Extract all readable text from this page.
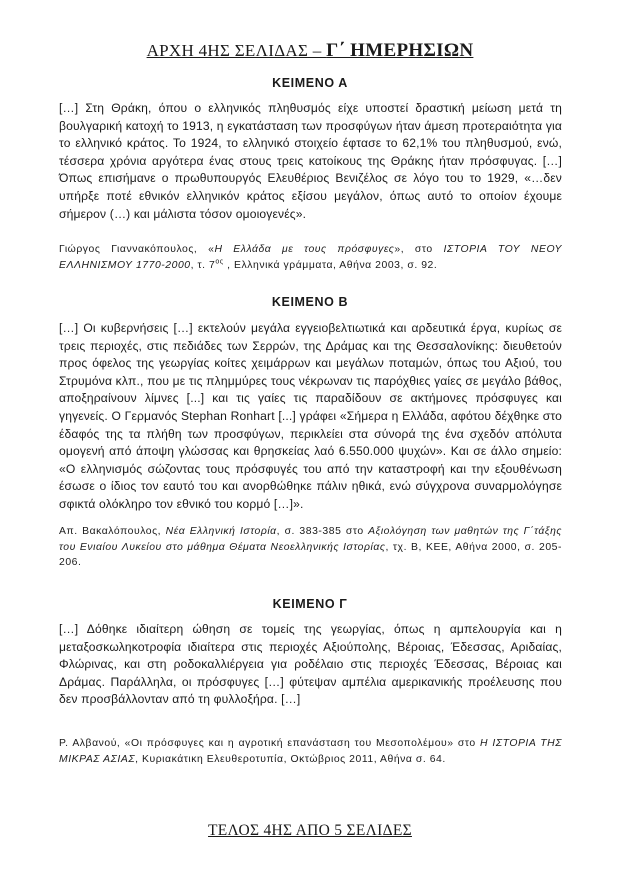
ΑΡΧΗ 4ΗΣ ΣΕΛΙΔΑΣ – Γ΄ ΗΜΕΡΗΣΙΩΝ
ΚΕΙΜΕΝΟ Α

[…] Στη Θράκη, όπου ο ελληνικός πληθυσμός είχε υποστεί δραστική μείωση μετά τη βουλγαρική κατοχή το 1913, η εγκατάσταση των προσφύγων ήταν άμεση προτεραιότητα για το ελληνικό κράτος. Το 1924, το ελληνικό στοιχείο έφτασε το 62,1% του πληθυσμού, ενώ, τέσσερα χρόνια αργότερα ένας στους τρεις κατοίκους της Θράκης ήταν πρόσφυγας. […] Όπως επισήμανε ο πρωθυπουργός Ελευθέριος Βενιζέλος σε λόγο του το 1929, «…δεν υπήρξε ποτέ εθνικόν ελληνικόν κράτος εξίσου μεγάλον, όπως αυτό το οποίον έχουμε σήμερον (…) και μάλιστα τόσον ομοιογενές».

Γιώργος Γιαννακόπουλος, «Η Ελλάδα με τους πρόσφυγες», στο ΙΣΤΟΡΙΑ ΤΟΥ ΝΕΟΥ ΕΛΛΗΝΙΣΜΟΥ 1770-2000, τ. $7^{o\varsigma}$ , Ελληνικά γράμματα, Αθήνα 2003, σ. 92.

ΚΕΙΜΕΝΟ Β

[…] Οι κυβερνήσεις […] εκτελούν μεγάλα εγγειοβελτιωτικά και αρδευτικά έργα, κυρίως σε τρεις περιοχές, στις πεδιάδες των Σερρών, της Δράμας και της Θεσσαλονίκης: διευθετούν προς όφελος της γεωργίας κοίτες χειμάρρων και μεγάλων ποταμών, όπως του Αξιού, του Στρυμόνα κλπ., που με τις πλημμύρες τους νέκρωναν τις παρόχθιες γαίες σε μεγάλο βάθος, αποξηραίνουν λίμνες [...] και τις γαίες τις παραδίδουν σε ακτήμονες πρόσφυγες και γηγενείς. Ο Γερμανός Stephan Ronhart [...] γράφει «Σήμερα η Ελλάδα, αφότου δέχθηκε στο έδαφός της τα πλήθη των προσφύγων, περικλείει στα σύνορά της ένα σχεδόν απόλυτα ομογενή από άποψη γλώσσας και θρησκείας λαό 6.550.000 ψυχών». Και σε άλλο σημείο: «Ο ελληνισμός σώζοντας τους πρόσφυγές του από την καταστροφή και την εξουθένωση έσωσε ο ίδιος τον εαυτό του και ανορθώθηκε πάλιν ηθικά, ενώ σύγχρονα συναρμολόγησε σφικτά ολόκληρο τον εθνικό του κορμό […]».

Απ. Βακαλόπουλος, Νέα Ελληνική Ιστορία, σ. 383-385 στο Αξιολόγηση των μαθητών της Γ΄τάξης του Ενιαίου Λυκείου στο μάθημα Θέματα Νεοελληνικής Ιστορίας, τχ. Β, ΚΕΕ, Αθήνα 2000, σ. 205-206.

ΚΕΙΜΕΝΟ Γ

[…] Δόθηκε ιδιαίτερη ώθηση σε τομείς της γεωργίας, όπως η αμπελουργία και η μεταξοσκωληκοτροφία ιδιαίτερα στις περιοχές Αξιούπολης, Βέροιας, Έδεσσας, Αριδαίας, Φλώρινας, και στη ροδοκαλλιέργεια για ροδέλαιο στις περιοχές Έδεσσας, Βέροιας και Δράμας. Παράλληλα, οι πρόσφυγες […] φύτεψαν αμπέλια αμερικανικής προέλευσης που δεν προσβάλλονταν από τη φυλλοξήρα. […]

Ρ. Αλβανού, «Οι πρόσφυγες και η αγροτική επανάσταση του Μεσοπολέμου» στο Η ΙΣΤΟΡΙΑ ΤΗΣ ΜΙΚΡΑΣ ΑΣΙΑΣ, Κυριακάτικη Ελευθεροτυπία, Οκτώβριος 2011, Αθήνα σ. 64.

ΤΕΛΟΣ 4ΗΣ ΑΠΟ 5 ΣΕΛΙΔΕΣ
